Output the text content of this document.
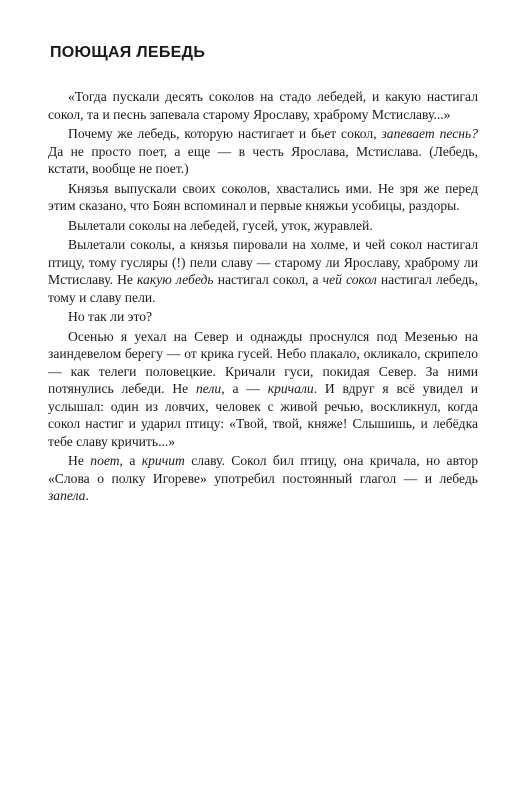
ПОЮЩАЯ ЛЕБЕДЬ

«Тогда пускали десять соколов на стадо лебедей, и какую настигал сокол, та и песнь запевала старому Ярославу, храброму Мстиславу...»

Почему же лебедь, которую настигает и бьет сокол, запевает песнь? Да не просто поет, а еще — в честь Ярослава, Мстислава. (Лебедь, кстати, вообще не поет.)

Князья выпускали своих соколов, хвастались ими. Не зря же перед этим сказано, что Боян вспоминал и первые княжьи усобицы, раздоры.

Вылетали соколы на лебедей, гусей, уток, журавлей.

Вылетали соколы, а князья пировали на холме, и чей сокол настигал птицу, тому гусляры (!) пели славу — старому ли Ярославу, храброму ли Мстиславу. Не какую лебедь настигал сокол, а чей сокол настигал лебедь, тому и славу пели.

Но так ли это?

Осенью я уехал на Север и однажды проснулся под Мезенью на заиндевелом берегу — от крика гусей. Небо плакало, окликало, скрипело — как телеги половецкие. Кричали гуси, покидая Север. За ними потянулись лебеди. Не пели, а — кричали. И вдруг я всё увидел и услышал: один из ловчих, человек с живой речью, воскликнул, когда сокол настиг и ударил птицу: «Твой, твой, княже! Слышишь, и лебёдка тебе славу кричить...»

Не поет, а кричит славу. Сокол бил птицу, она кричала, но автор «Слова о полку Игореве» употребил постоянный глагол — и лебедь запела.
